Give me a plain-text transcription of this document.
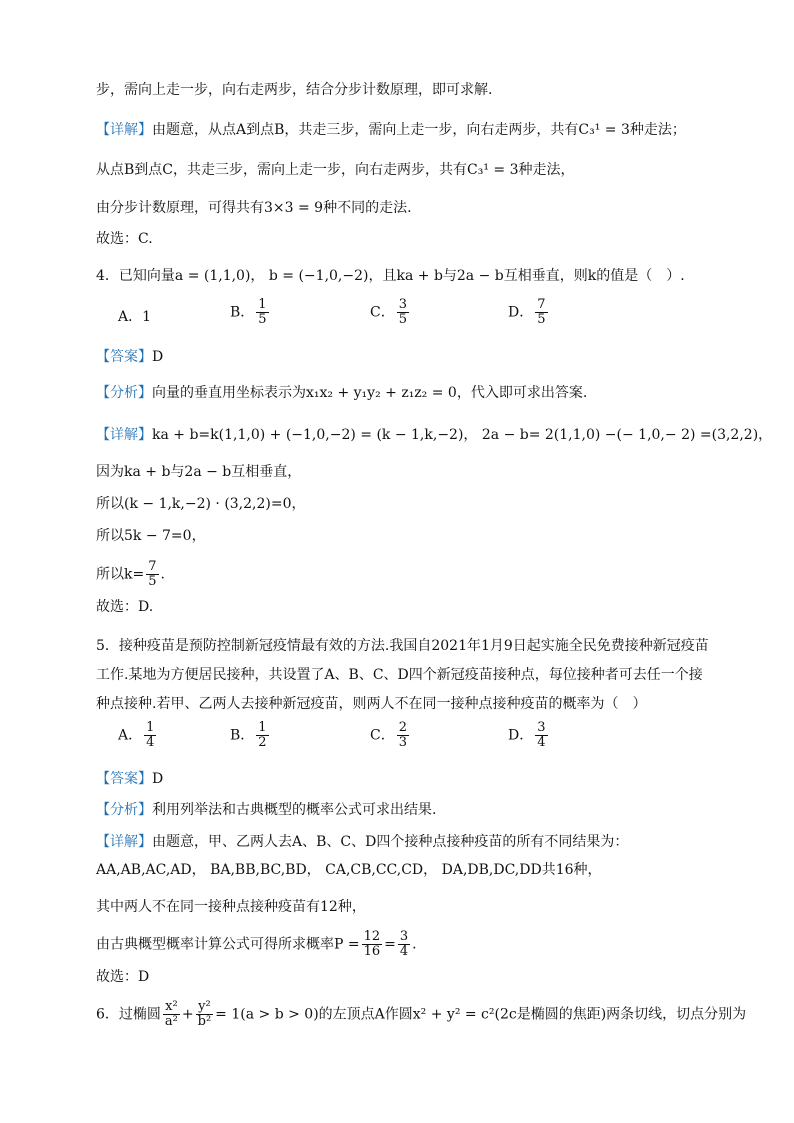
步，需向上走一步，向右走两步，结合分步计数原理，即可求解.
【详解】由题意，从点A到点B，共走三步，需向上走一步，向右走两步，共有C₃¹ = 3种走法；
从点B到点C，共走三步，需向上走一步，向右走两步，共有C₃¹ = 3种走法，
由分步计数原理，可得共有3×3 = 9种不同的走法.
故选：C.
4．已知向量a = (1,1,0)， b = (−1,0,−2)，且ka + b与2a − b互相垂直，则k的值是（　）.
A．1	B． $\frac{1}{5}$	C． $\frac{3}{5}$	D． $\frac{7}{5}$
【答案】D
【分析】向量的垂直用坐标表示为x₁x₂ + y₁y₂ + z₁z₂ = 0，代入即可求出答案.
【详解】ka + b=k(1,1,0) + (−1,0,−2) = (k − 1,k,−2)， 2a − b= 2(1,1,0) −(− 1,0,− 2) =(3,2,2)，
因为ka + b与2a − b互相垂直，
所以(k − 1,k,−2) · (3,2,2)=0，
所以5k − 7=0，
所以$k= \frac{7}{5}$ .
故选：D.
5．接种疫苗是预防控制新冠疫情最有效的方法.我国自2021年1月9日起实施全民免费接种新冠疫苗
工作.某地为方便居民接种，共设置了A、B、C、D四个新冠疫苗接种点，每位接种者可去任一个接
种点接种.若甲、乙两人去接种新冠疫苗，则两人不在同一接种点接种疫苗的概率为（　）
A． $\frac{1}{4}$	B． $\frac{1}{2}$	C． $\frac{2}{3}$	D． $\frac{3}{4}$
【答案】D
【分析】利用列举法和古典概型的概率公式可求出结果.
【详解】由题意，甲、乙两人去A、B、C、D四个接种点接种疫苗的所有不同结果为：
AA,AB,AC,AD， BA,BB,BC,BD， CA,CB,CC,CD， DA,DB,DC,DD共16种，
其中两人不在同一接种点接种疫苗有12种，
由古典概型概率计算公式可得所求概率$P = \frac{12}{16} = \frac{3}{4}$ .
故选：D
6．过椭圆 $\frac{\text{x²}}{\text{a²}} + \frac{\text{y²}}{\text{b²}} = 1(a > b > 0)$的左顶点A作圆x² + y² = c²(2c是椭圆的焦距)两条切线，切点分别为
